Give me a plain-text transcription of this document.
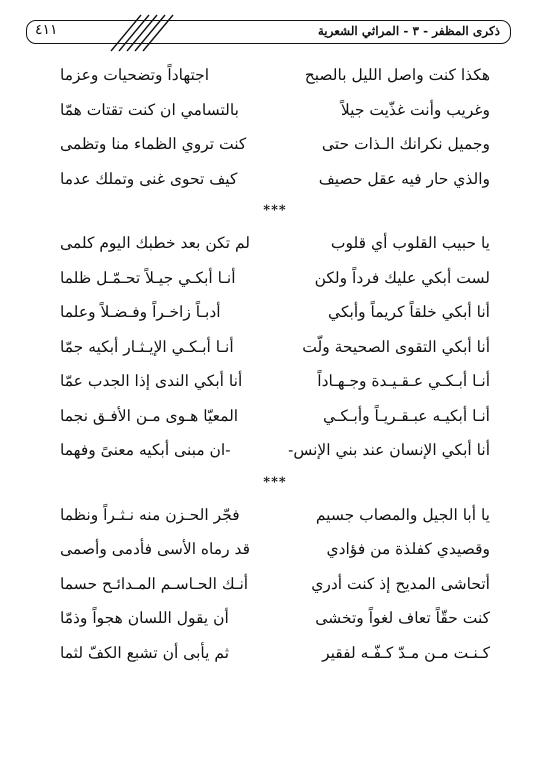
٤١١	ذكرى المظفر - ٣ - المراثي الشعرية
هكذا كنت واصل الليل بالصبح
اجتهاداً وتضحيات وعزما
وغريب وأنت غذّيت جيلاً
بالتسامي ان كنت تقتات همّا
وجميل نكرانك الـذات حتى
كنت تروي الظماء منا وتظمى
والذي حار فيه عقل حصيف
كيف تحوى غنى وتملك عدما
***
يا حبيب القلوب أي قلوب
لم تكن بعد خطبك اليوم كلمى
لست أبكي عليك فرداً ولكن
أنـا أبكـي جيـلاً تحـمّـل ظلما
أنا أبكي خلقاً كريماً وأبكي
أدبـاً زاخـراً وفـضـلاً وعلما
أنا أبكي التقوى الصحيحة ولّت
أنـا أبـكـي الإيـثـار أبكيه جمّا
أنـا أبـكـي عـقـيـدة وجـهـاداً
أنا أبكي الندى إذا الجدب عمّا
أنـا أبكيـه عبـقـريـاً وأبـكـي
المعيّا هـوى مـن الأفـق نجما
أنا أبكي الإنسان عند بني الإنس-
-ان مبنى أبكيه معنىً وفهما
***
يا أبا الجيل والمصاب جسيم
فجّر الحـزن منه نـثـراً ونظما
وقصيدي كفلذة من فؤادي
قد رماه الأسى فأدمى وأصمى
أتحاشى المديح إذ كنت أدري
أنـك الحـاسـم المـدائـح حسما
كنت حقّاً تعاف لغواً وتخشى
أن يقول اللسان هجواً وذمّا
كـنـت مـن مـدّ كـفّـه لفقير
ثم يأبى أن تشبع الكفّ لثما
